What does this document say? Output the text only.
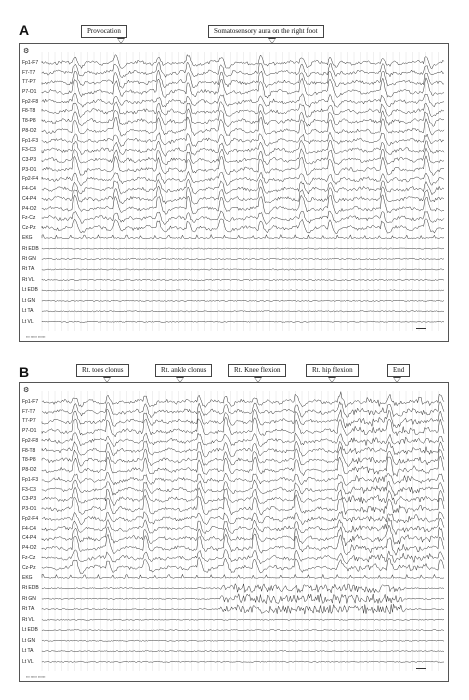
A	Provocation	Somatosensory aura on the right foot
⚙
Fp1-F7
F7-T7
T7-P7
P7-O1
Fp2-F8
F8-T8
T8-P8
P8-O2
Fp1-F3
F3-C3
C3-P3
P3-O1
Fp2-F4
F4-C4
C4-P4
P4-O2
Fz-Cz
Cz-Pz
EKG
Rt EDB
Rt GN
Rt TA
Rt VL
Lt EDB
Lt GN
Lt TA
Lt VL
▪▪▪ ▪▪▪▪▪ ▪▪▪▪▪▪
B	Rt. toes clonus	Rt. ankle clonus	Rt. Knee flexion	Rt. hip flexion	End
⚙
Fp1-F7
F7-T7
T7-P7
P7-O1
Fp2-F8
F8-T8
T8-P8
P8-O2
Fp1-F3
F3-C3
C3-P3
P3-O1
Fp2-F4
F4-C4
C4-P4
P4-O2
Fz-Cz
Cz-Pz
EKG
Rt EDB
Rt GN
Rt TA
Rt VL
Lt EDB
Lt GN
Lt TA
Lt VL
▪▪▪ ▪▪▪▪▪ ▪▪▪▪▪▪
